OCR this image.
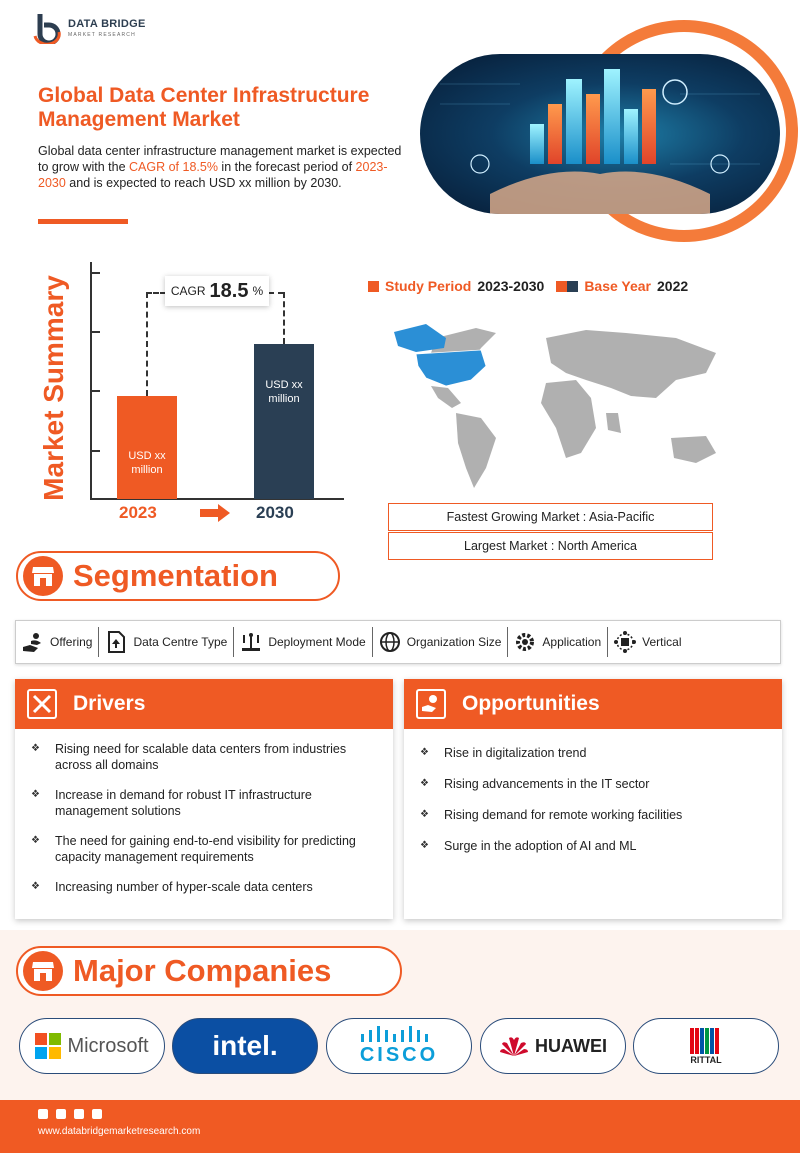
DATA BRIDGE
MARKET RESEARCH
Global Data Center Infrastructure Management Market
Global data center infrastructure management market is expected to grow with the CAGR of 18.5% in the forecast period of 2023-2030 and is expected to reach USD xx million by 2030.
Market Summary	USD xx million
USD xx million
CAGR 18.5 %
2023	2030
Study Period 2023-2030	Base Year 2022
Fastest Growing Market : Asia-Pacific
Largest Market : North America
Segmentation
Offering	Data Centre Type	Deployment Mode	Organization Size	Application	Vertical
Drivers
❖ Rising need for scalable data centers from industries across all domains
❖ Increase in demand for robust IT infrastructure management solutions
❖ The need for gaining end-to-end visibility for predicting capacity management requirements
❖ Increasing number of hyper-scale data centers
Opportunities
❖ Rise in digitalization trend
❖ Rising advancements in the IT sector
❖ Rising demand for remote working facilities
❖ Surge in the adoption of AI and ML
Major Companies
Microsoft intel.	CISCO	HUAWEI
RITTAL
www.databridgemarketresearch.com
